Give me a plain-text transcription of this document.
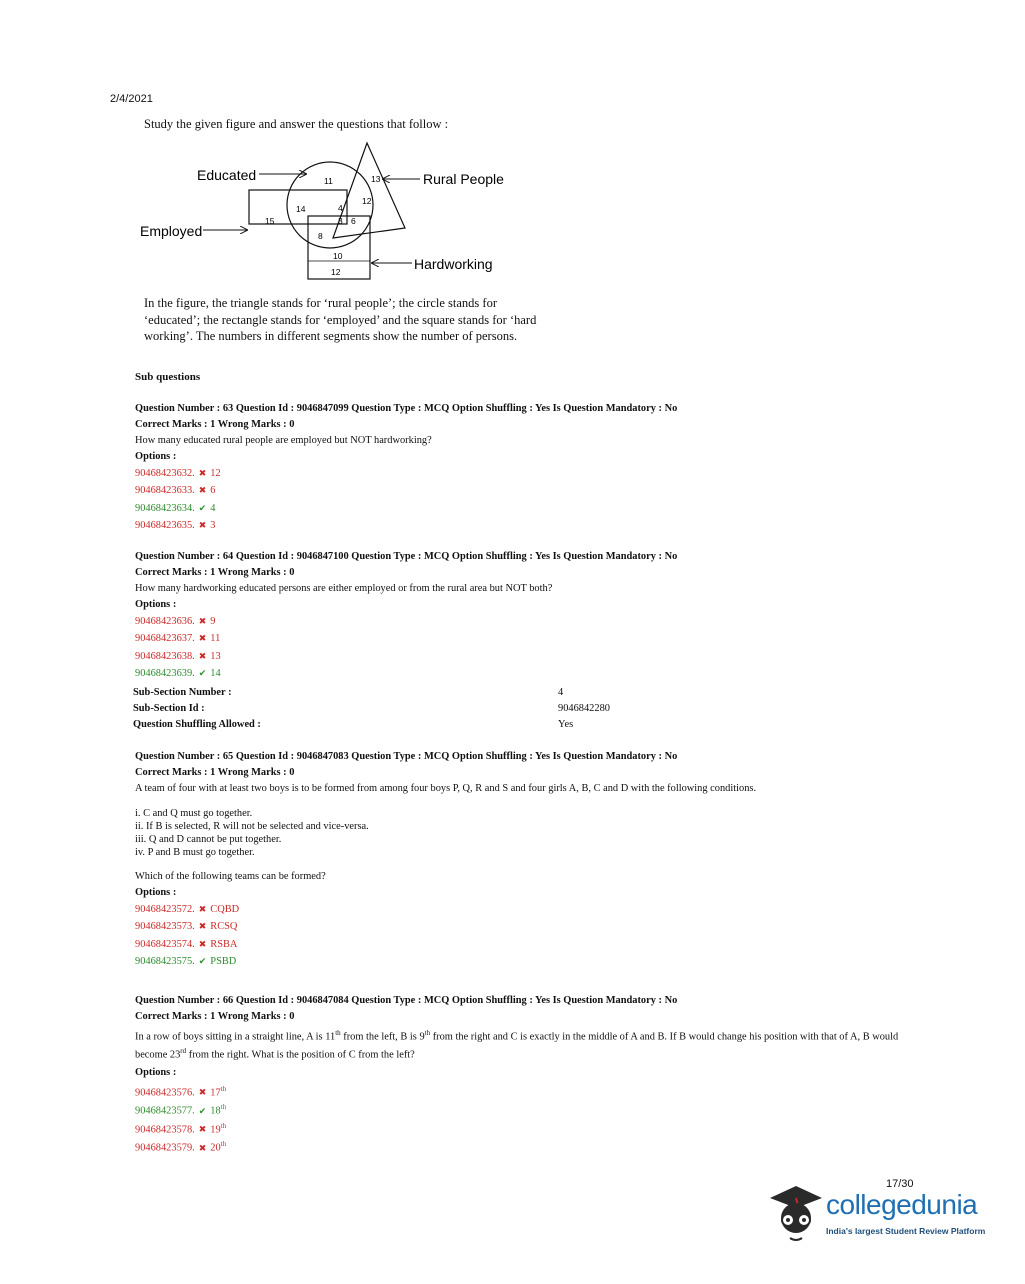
2/4/2021
Study the given figure and answer the questions that follow :
Educated	Rural People
Employed
Hardworking
11	13
12
14	4
15	3 6
8
10
12
In the figure, the triangle stands for ‘rural people’; the circle stands for ‘educated’; the rectangle stands for ‘employed’ and the square stands for ‘hard working’. The numbers in different segments show the number of persons.
Sub questions
Question Number : 63 Question Id : 9046847099 Question Type : MCQ Option Shuffling : Yes Is Question Mandatory : No
Correct Marks : 1 Wrong Marks : 0
How many educated rural people are employed but NOT hardworking?
Options :
90468423632. ✖ 12
90468423633. ✖ 6
90468423634. ✔ 4
90468423635. ✖ 3
Question Number : 64 Question Id : 9046847100 Question Type : MCQ Option Shuffling : Yes Is Question Mandatory : No
Correct Marks : 1 Wrong Marks : 0
How many hardworking educated persons are either employed or from the rural area but NOT both?
Options :
90468423636. ✖ 9
90468423637. ✖ 11
90468423638. ✖ 13
90468423639. ✔ 14
Sub-Section Number :	4
Sub-Section Id :	9046842280
Question Shuffling Allowed :	Yes
Question Number : 65 Question Id : 9046847083 Question Type : MCQ Option Shuffling : Yes Is Question Mandatory : No
Correct Marks : 1 Wrong Marks : 0
A team of four with at least two boys is to be formed from among four boys P, Q, R and S and four girls A, B, C and D with the following conditions.
i. C and Q must go together.
ii. If B is selected, R will not be selected and vice-versa.
iii. Q and D cannot be put together.
iv. P and B must go together.
Which of the following teams can be formed?
Options :
90468423572. ✖ CQBD
90468423573. ✖ RCSQ
90468423574. ✖ RSBA
90468423575. ✔ PSBD
Question Number : 66 Question Id : 9046847084 Question Type : MCQ Option Shuffling : Yes Is Question Mandatory : No
Correct Marks : 1 Wrong Marks : 0
In a row of boys sitting in a straight line, A is 11th from the left, B is 9th from the right and C is exactly in the middle of A and B. If B would change his position with that of A, B would become 23rd from the right. What is the position of C from the left?
Options :
90468423576. ✖ 17th
90468423577. ✔ 18th
90468423578. ✖ 19th
90468423579. ✖ 20th
17/30
collegedunia
India's largest Student Review Platform
